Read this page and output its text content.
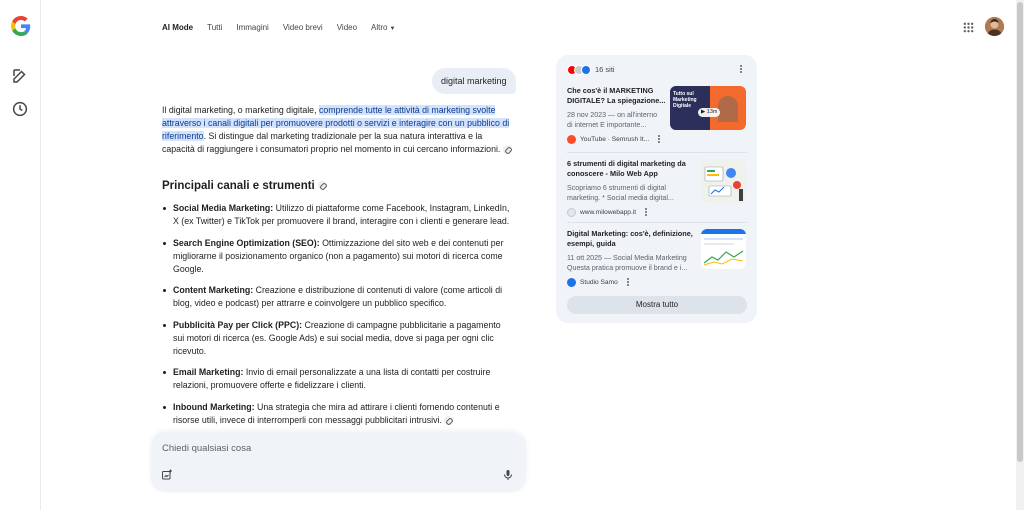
AI Mode Tutti Immagini Video brevi Video Altro ▼
digital marketing

Il digital marketing, o marketing digitale, comprende tutte le attività di marketing svolte attraverso i canali digitali per promuovere prodotti o servizi e interagire con un pubblico di riferimento. Si distingue dal marketing tradizionale per la sua natura interattiva e la capacità di raggiungere i consumatori proprio nel momento in cui cercano informazioni.

Principali canali e strumenti
Social Media Marketing: Utilizzo di piattaforme come Facebook, Instagram, LinkedIn, X (ex Twitter) e TikTok per promuovere il brand, interagire con i clienti e generare lead.
Search Engine Optimization (SEO): Ottimizzazione del sito web e dei contenuti per migliorarne il posizionamento organico (non a pagamento) sui motori di ricerca come Google.
Content Marketing: Creazione e distribuzione di contenuti di valore (come articoli di blog, video e podcast) per attrarre e coinvolgere un pubblico specifico.
Pubblicità Pay per Click (PPC): Creazione di campagne pubblicitarie a pagamento sui motori di ricerca (es. Google Ads) e sui social media, dove si paga per ogni clic ricevuto.
Email Marketing: Invio di email personalizzate a una lista di contatti per costruire relazioni, promuovere offerte e fidelizzare i clienti.
Inbound Marketing: Una strategia che mira ad attirare i clienti fornendo contenuti e risorse utili, invece di interromperli con messaggi pubblicitari intrusivi.
Chiedi qualsiasi cosa
16 siti
Che cos'è il MARKETING
DIGITALE? La spiegazione...
28 nov 2023 — on all'interno
di internet E importante...
YouTube · Semrush It...
Tutto sul Marketing Digitale
▶ 13m
6 strumenti di digital marketing da
conoscere - Milo Web App
Scopriamo 6 strumenti di digital
marketing. * Social media digital...
www.milowebapp.it
Digital Marketing: cos'è, definizione,
esempi, guida
11 ott 2025 — Social Media Marketing
Questa pratica promuove il brand e i...
Studio Samo
Mostra tutto
